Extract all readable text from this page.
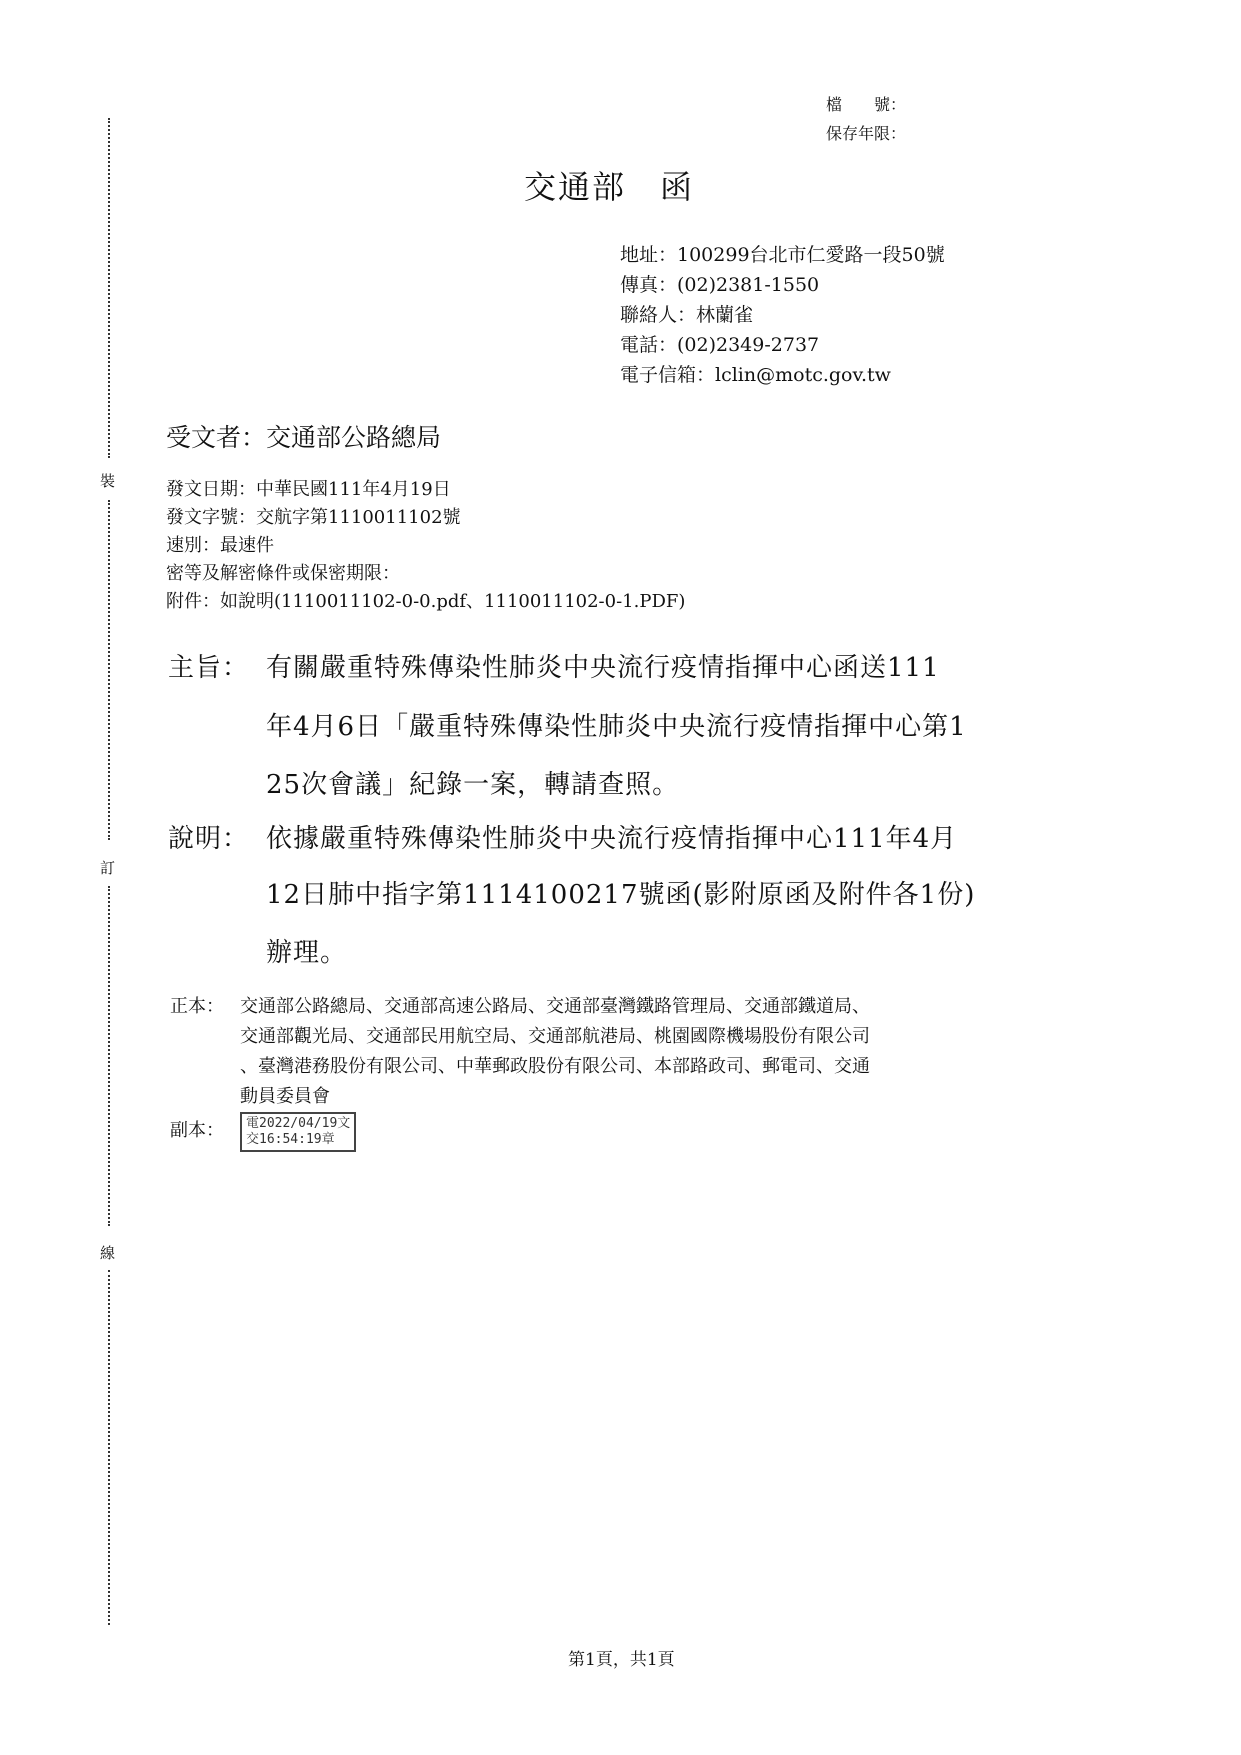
裝
訂
線
檔　　號：
保存年限：
交通部　函
地址：100299台北市仁愛路一段50號
傳真：(02)2381-1550
聯絡人：林蘭雀
電話：(02)2349-2737
電子信箱：lclin@motc.gov.tw
受文者：交通部公路總局
發文日期：中華民國111年4月19日
發文字號：交航字第1110011102號
速別：最速件
密等及解密條件或保密期限：
附件：如說明(1110011102-0-0.pdf、1110011102-0-1.PDF)
主旨： 有關嚴重特殊傳染性肺炎中央流行疫情指揮中心函送111
年4月6日「嚴重特殊傳染性肺炎中央流行疫情指揮中心第1
25次會議」紀錄一案，轉請查照。
說明： 依據嚴重特殊傳染性肺炎中央流行疫情指揮中心111年4月
12日肺中指字第1114100217號函(影附原函及附件各1份)
辦理。
正本： 交通部公路總局、交通部高速公路局、交通部臺灣鐵路管理局、交通部鐵道局、
交通部觀光局、交通部民用航空局、交通部航港局、桃園國際機場股份有限公司
、臺灣港務股份有限公司、中華郵政股份有限公司、本部路政司、郵電司、交通
動員委員會
副本： 電2022/04/19文
交16:54:19章
第1頁，共1頁
